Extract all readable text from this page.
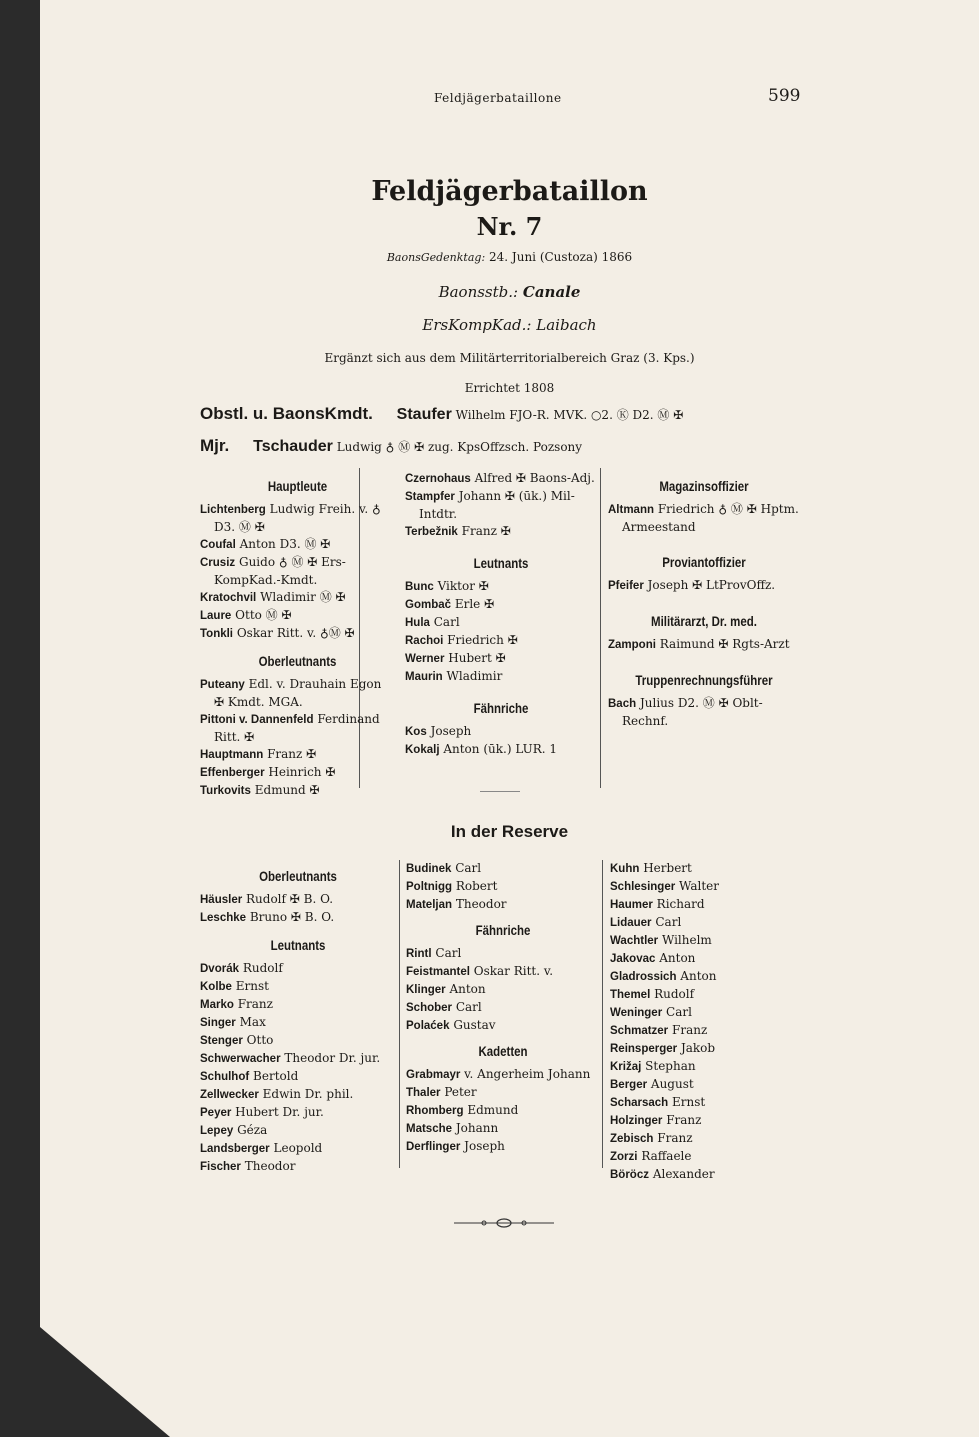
Feldjägerbataillone	599
Feldjägerbataillon
Nr. 7
BaonsGedenktag: 24. Juni (Custoza) 1866
Baonsstb.: Canale
ErsKompKad.: Laibach
Ergänzt sich aus dem Militärterritorialbereich Graz (3. Kps.)
Errichtet 1808
Obstl. u. BaonsKmdt. Staufer Wilhelm FJO-R. MVK. ○2. Ⓚ D2. Ⓜ ✠
Mjr. Tschauder Ludwig ♁ Ⓜ ✠ zug. KpsOffzsch. Pozsony
Hauptleute
Lichtenberg Ludwig Freih. v. ♁ D3. Ⓜ ✠
Coufal Anton D3. Ⓜ ✠
Crusiz Guido ♁ Ⓜ ✠ Ers-KompKad.-Kmdt.
Kratochvil Wladimir Ⓜ ✠
Laure Otto Ⓜ ✠
Tonkli Oskar Ritt. v. ♁Ⓜ ✠
Oberleutnants
Puteany Edl. v. Drauhain Egon ✠ Kmdt. MGA.
Pittoni v. Dannenfeld Ferdinand Ritt. ✠
Hauptmann Franz ✠
Effenberger Heinrich ✠
Turkovits Edmund ✠
Czernohaus Alfred ✠ Baons-Adj.
Stampfer Johann ✠ (ūk.) Mil-Intdtr.
Terbežnik Franz ✠
Leutnants
Bunc Viktor ✠
Gombač Erle ✠
Hula Carl
Rachoi Friedrich ✠
Werner Hubert ✠
Maurin Wladimir
Fähnriche
Kos Joseph
Kokalj Anton (ūk.) LUR. 1
Magazinsoffizier
Altmann Friedrich ♁ Ⓜ ✠ Hptm. Armeestand
Proviantoffizier
Pfeifer Joseph ✠ LtProvOffz.
Militärarzt, Dr. med.
Zamponi Raimund ✠ Rgts-Arzt
Truppenrechnungsführer
Bach Julius D2. Ⓜ ✠ Oblt-Rechnf.
In der Reserve
Oberleutnants
Häusler Rudolf ✠ B. O.
Leschke Bruno ✠ B. O.
Leutnants
Dvorák Rudolf
Kolbe Ernst
Marko Franz
Singer Max
Stenger Otto
Schwerwacher Theodor Dr. jur.
Schulhof Bertold
Zellwecker Edwin Dr. phil.
Peyer Hubert Dr. jur.
Lepey Géza
Landsberger Leopold
Fischer Theodor
Budinek Carl
Poltnigg Robert
Mateljan Theodor
Fähnriche
Rintl Carl
Feistmantel Oskar Ritt. v.
Klinger Anton
Schober Carl
Polaćek Gustav
Kadetten
Grabmayr v. Angerheim Johann
Thaler Peter
Rhomberg Edmund
Matsche Johann
Derflinger Joseph
Kuhn Herbert
Schlesinger Walter
Haumer Richard
Lidauer Carl
Wachtler Wilhelm
Jakovac Anton
Gladrossich Anton
Themel Rudolf
Weninger Carl
Schmatzer Franz
Reinsperger Jakob
Križaj Stephan
Berger August
Scharsach Ernst
Holzinger Franz
Zebisch Franz
Zorzi Raffaele
Böröcz Alexander
